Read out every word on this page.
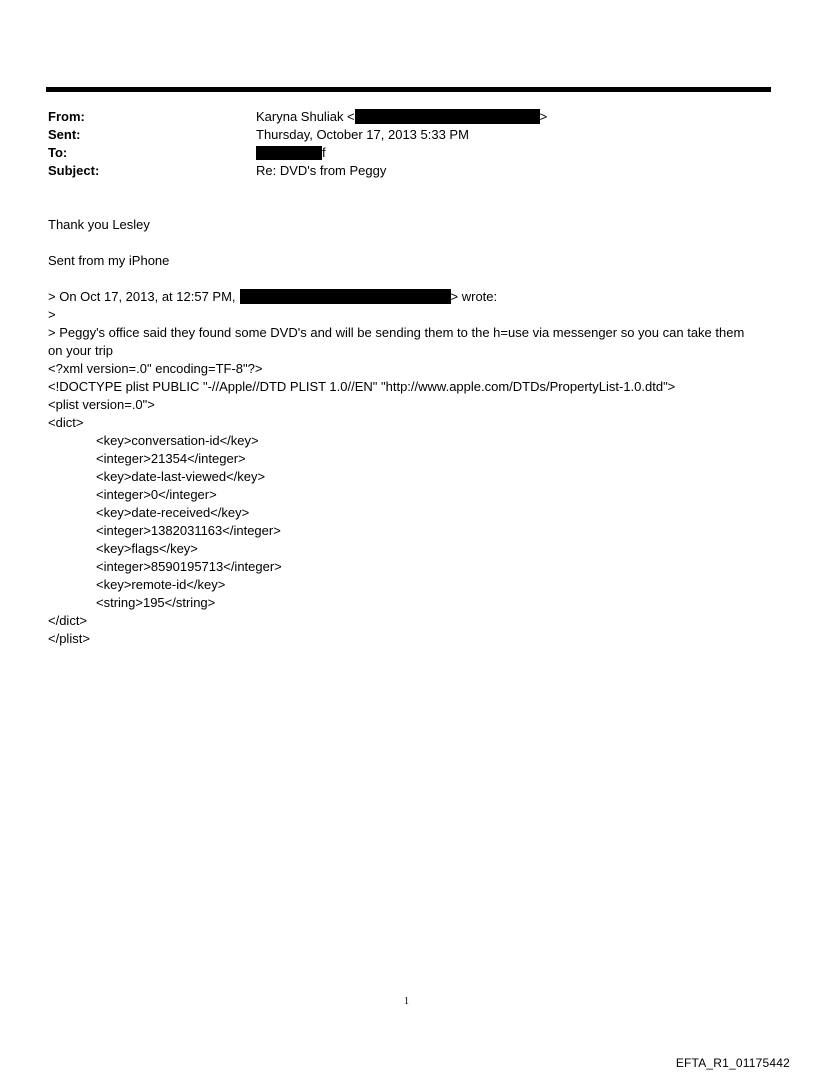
From:	Karyna Shuliak <	>
Sent:	Thursday, October 17, 2013 5:33 PM
To:	f
Subject:	Re: DVD's from Peggy
Thank you Lesley
Sent from my iPhone
> On Oct 17, 2013, at 12:57 PM,	> wrote:
>
> Peggy's office said they found some DVD's and will be sending them to the h=use via messenger so you can take them
on your trip
<?xml version=.0" encoding=TF-8"?>
<!DOCTYPE plist PUBLIC "-//Apple//DTD PLIST 1.0//EN" "http://www.apple.com/DTDs/PropertyList-1.0.dtd">
<plist version=.0">
<dict>
<key>conversation-id</key>
<integer>21354</integer>
<key>date-last-viewed</key>
<integer>0</integer>
<key>date-received</key>
<integer>1382031163</integer>
<key>flags</key>
<integer>8590195713</integer>
<key>remote-id</key>
<string>195</string>
</dict>
</plist>
1
EFTA_R1_01175442
